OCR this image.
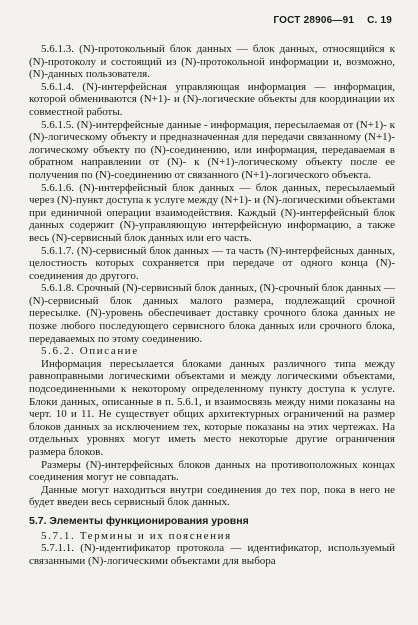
ГОСТ 28906—91 С. 19

5.6.1.3. (N)-протокольный блок данных — блок данных, относящийся к (N)-протоколу и состоящий из (N)-протокольной информации и, возможно, (N)-данных пользователя.

5.6.1.4. (N)-интерфейсная управляющая информация — информация, которой обмениваются (N+1)- и (N)-логические объекты для координации их совместной работы.

5.6.1.5. (N)-интерфейсные данные - информация, пересылаемая от (N+1)- к (N)-логическому объекту и предназначенная для передачи связанному (N+1)-логическому объекту по (N)-соединению, или информация, передаваемая в обратном направлении от (N)- к (N+1)-логическому объекту после ее получения по (N)-соединению от связанного (N+1)-логического объекта.

5.6.1.6. (N)-интерфейсный блок данных — блок данных, пересылаемый через (N)-пункт доступа к услуге между (N+1)- и (N)-логическими объектами при единичной операции взаимодействия. Каждый (N)-интерфейсный блок данных содержит (N)-управляющую интерфейсную информацию, а также весь (N)-сервисный блок данных или его часть.

5.6.1.7. (N)-сервисный блок данных — та часть (N)-интерфейсных данных, целостность которых сохраняется при передаче от одного конца (N)-соединения до другого.

5.6.1.8. Срочный (N)-сервисный блок данных, (N)-срочный блок данных — (N)-сервисный блок данных малого размера, подлежащий срочной пересылке. (N)-уровень обеспечивает доставку срочного блока данных не позже любого последующего сервисного блока данных или срочного блока, передаваемых по этому соединению.

5.6.2. Описание

Информация пересылается блоками данных различного типа между равноправными логическими объектами и между логическими объектами, подсоединенными к некоторому определенному пункту доступа к услуге. Блоки данных, описанные в п. 5.6.1, и взаимосвязь между ними показаны на черт. 10 и 11. Не существует общих архитектурных ограничений на размер блоков данных за исключением тех, которые показаны на этих чертежах. На отдельных уровнях могут иметь место некоторые другие ограничения размера блоков.

Размеры (N)-интерфейсных блоков данных на противоположных концах соединения могут не совпадать.

Данные могут находиться внутри соединения до тех пор, пока в него не будет введен весь сервисный блок данных.

5.7. Элементы функционирования уровня

5.7.1. Термины и их пояснения

5.7.1.1. (N)-идентификатор протокола — идентификатор, используемый связанными (N)-логическими объектами для выбора
